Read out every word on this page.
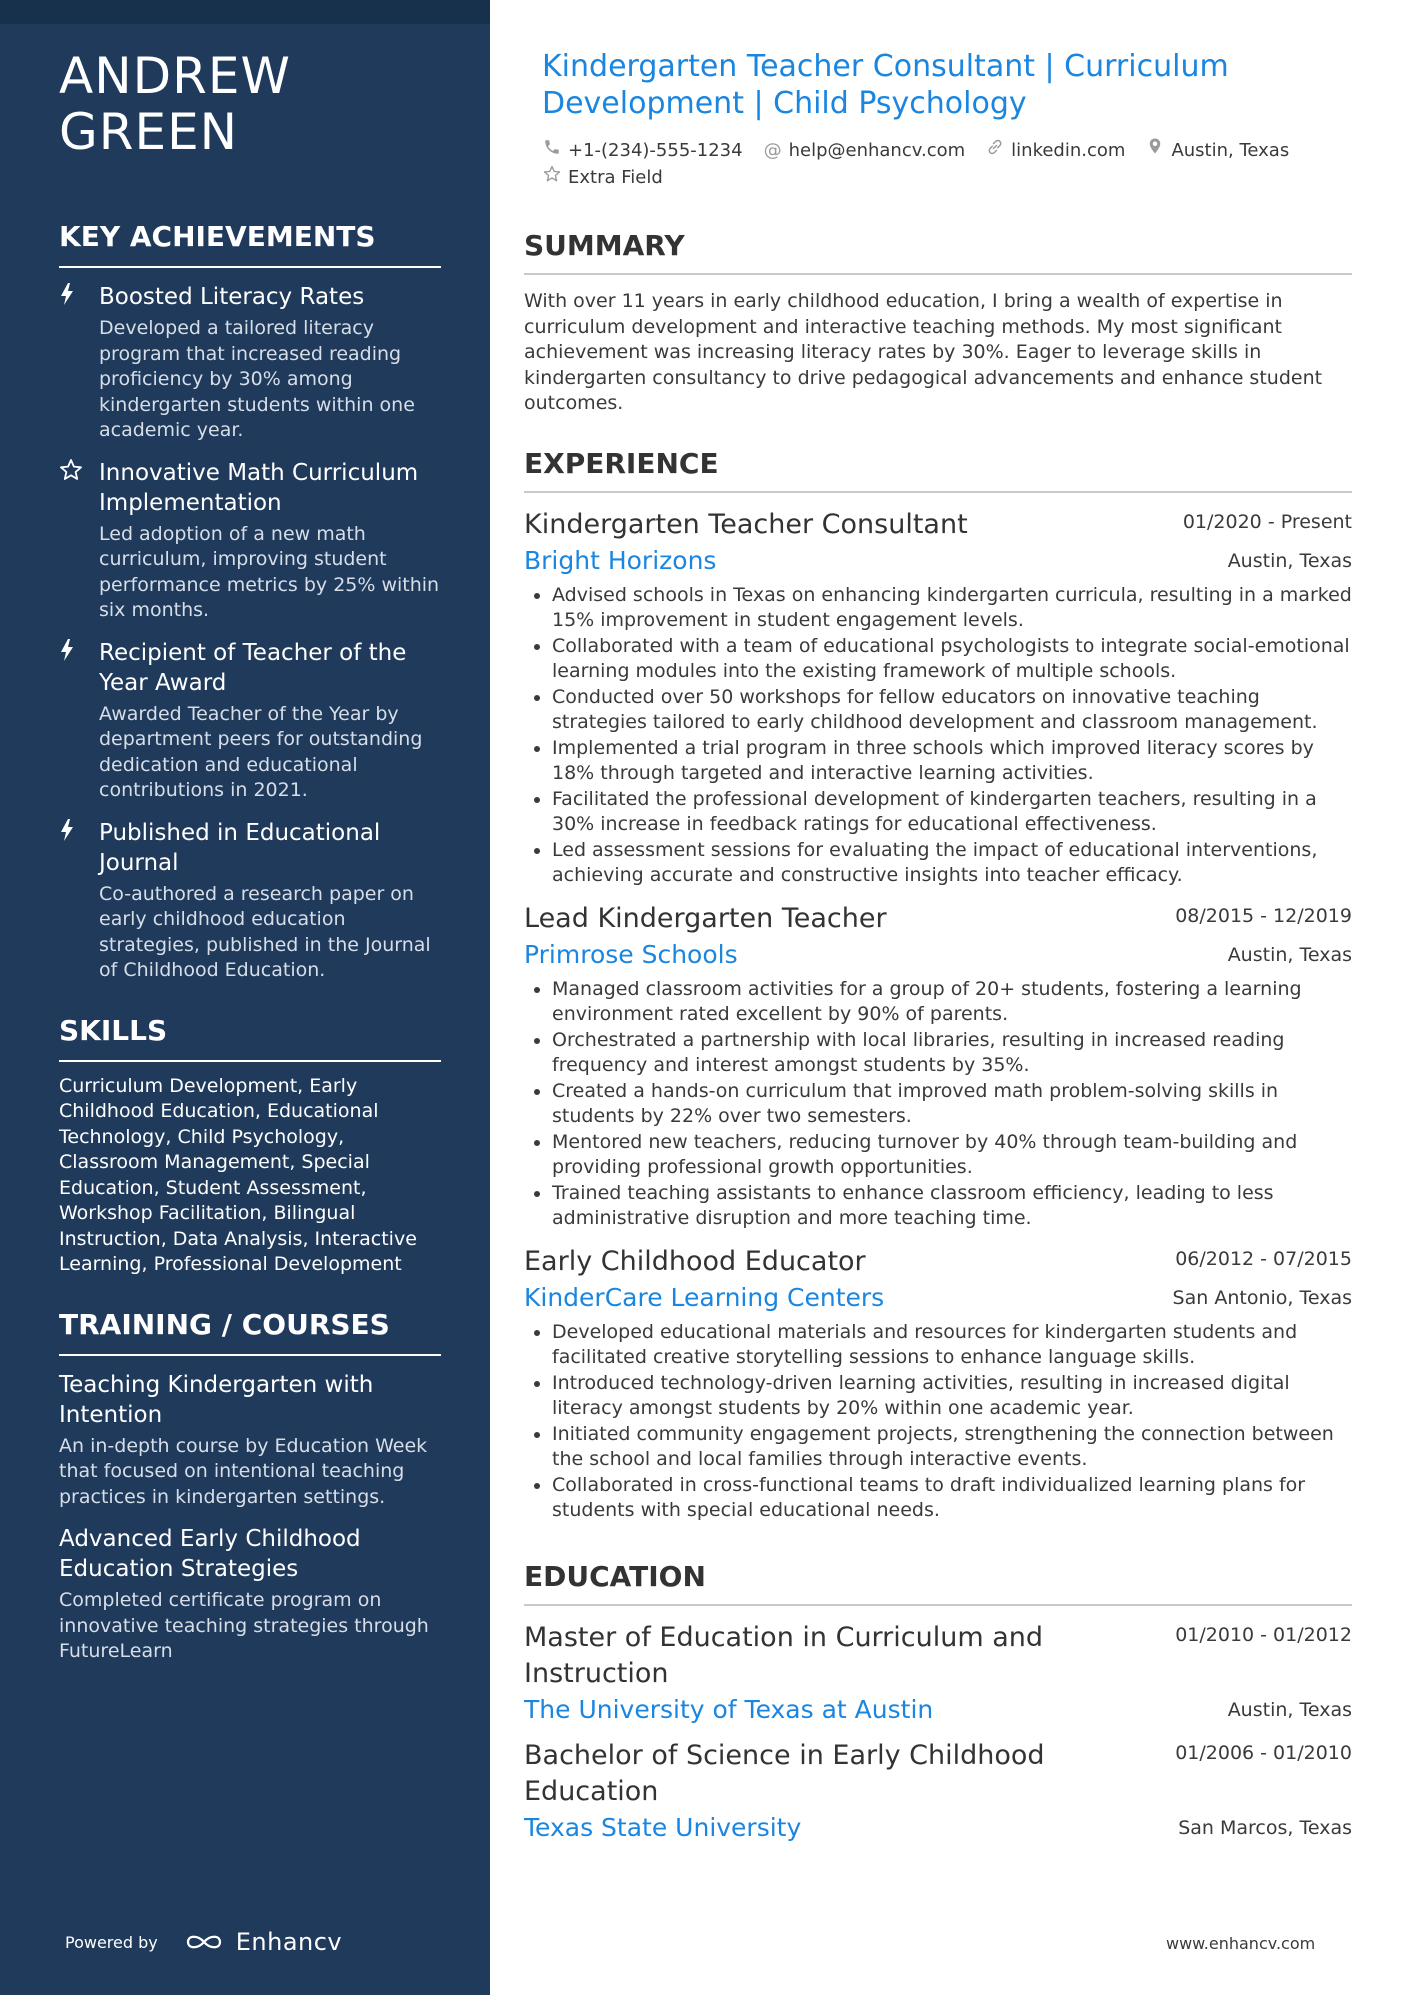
ANDREW GREEN
KEY ACHIEVEMENTS
Boosted Literacy Rates
Developed a tailored literacy program that increased reading proficiency by 30% among kindergarten students within one academic year.
Innovative Math Curriculum Implementation
Led adoption of a new math curriculum, improving student performance metrics by 25% within six months.
Recipient of Teacher of the Year Award
Awarded Teacher of the Year by department peers for outstanding dedication and educational contributions in 2021.
Published in Educational Journal
Co-authored a research paper on early childhood education strategies, published in the Journal of Childhood Education.
SKILLS
Curriculum Development, Early Childhood Education, Educational Technology, Child Psychology, Classroom Management, Special Education, Student Assessment, Workshop Facilitation, Bilingual Instruction, Data Analysis, Interactive Learning, Professional Development
TRAINING / COURSES
Teaching Kindergarten with Intention
An in-depth course by Education Week that focused on intentional teaching practices in kindergarten settings.
Advanced Early Childhood Education Strategies
Completed certificate program on innovative teaching strategies through FutureLearn
Powered by	Enhancv
Kindergarten Teacher Consultant | Curriculum Development | Child Psychology
+1-(234)-555-1234 @ help@enhancv.com	linkedin.com	Austin, Texas
Extra Field
SUMMARY
With over 11 years in early childhood education, I bring a wealth of expertise in curriculum development and interactive teaching methods. My most significant achievement was increasing literacy rates by 30%. Eager to leverage skills in kindergarten consultancy to drive pedagogical advancements and enhance student outcomes.
EXPERIENCE
Kindergarten Teacher Consultant	01/2020 - Present
Bright Horizons	Austin, Texas
• Advised schools in Texas on enhancing kindergarten curricula, resulting in a marked 15% improvement in student engagement levels.
• Collaborated with a team of educational psychologists to integrate social-emotional learning modules into the existing framework of multiple schools.
• Conducted over 50 workshops for fellow educators on innovative teaching strategies tailored to early childhood development and classroom management.
• Implemented a trial program in three schools which improved literacy scores by 18% through targeted and interactive learning activities.
• Facilitated the professional development of kindergarten teachers, resulting in a 30% increase in feedback ratings for educational effectiveness.
• Led assessment sessions for evaluating the impact of educational interventions, achieving accurate and constructive insights into teacher efficacy.
Lead Kindergarten Teacher	08/2015 - 12/2019
Primrose Schools	Austin, Texas
• Managed classroom activities for a group of 20+ students, fostering a learning environment rated excellent by 90% of parents.
• Orchestrated a partnership with local libraries, resulting in increased reading frequency and interest amongst students by 35%.
• Created a hands-on curriculum that improved math problem-solving skills in students by 22% over two semesters.
• Mentored new teachers, reducing turnover by 40% through team-building and providing professional growth opportunities.
• Trained teaching assistants to enhance classroom efficiency, leading to less administrative disruption and more teaching time.
Early Childhood Educator	06/2012 - 07/2015
KinderCare Learning Centers	San Antonio, Texas
• Developed educational materials and resources for kindergarten students and facilitated creative storytelling sessions to enhance language skills.
• Introduced technology-driven learning activities, resulting in increased digital literacy amongst students by 20% within one academic year.
• Initiated community engagement projects, strengthening the connection between the school and local families through interactive events.
• Collaborated in cross-functional teams to draft individualized learning plans for students with special educational needs.
EDUCATION
Master of Education in Curriculum and Instruction
01/2010 - 01/2012
The University of Texas at Austin	Austin, Texas
Bachelor of Science in Early Childhood Education
01/2006 - 01/2010
Texas State University	San Marcos, Texas
www.enhancv.com
